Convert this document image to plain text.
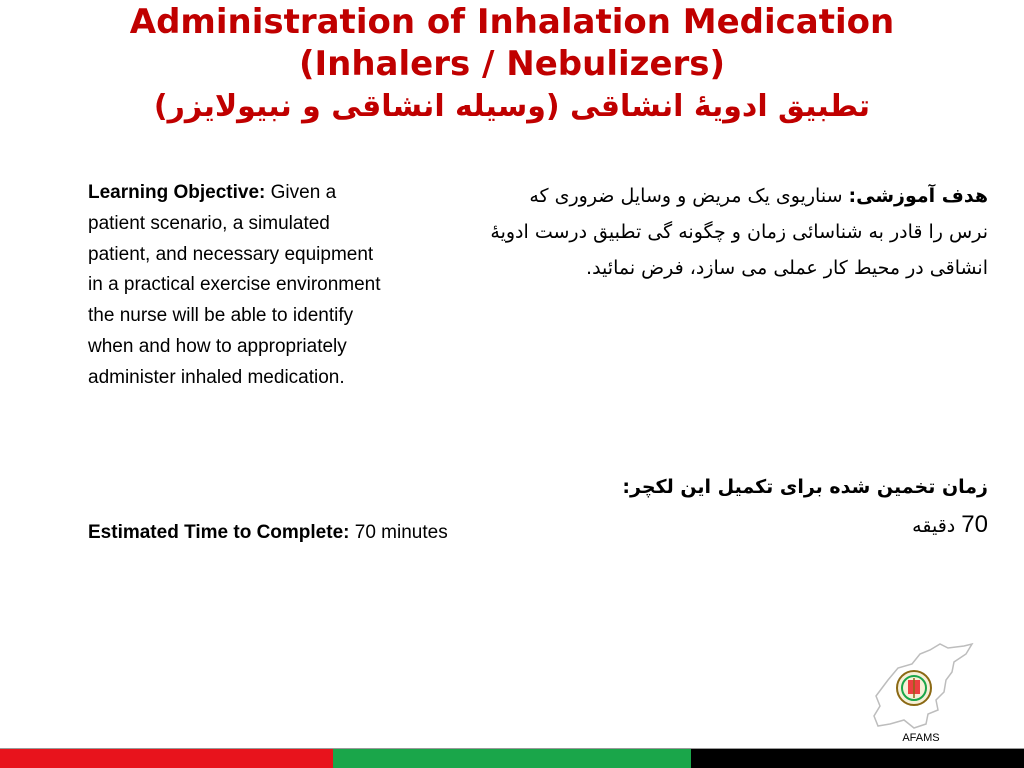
Administration of Inhalation Medication

(Inhalers / Nebulizers)

تطبیق ادویۀ انشاقی (وسیله انشاقی و نبیولایزر)

Learning Objective: Given a patient scenario, a simulated patient, and necessary equipment in a practical exercise environment the nurse will be able to identify when and how to appropriately administer inhaled medication.
Estimated Time to Complete: 70 minutes
هدف آموزشی: سناریوی یک مریض و وسایل ضروری که نرس را قادر به شناسائی زمان و چگونه گی تطبیق درست ادویۀ انشاقی در محیط کار عملی می سازد، فرض نمائید.
زمان تخمین شده برای تکمیل این لکچر:
70 دقیقه
AFAMS
